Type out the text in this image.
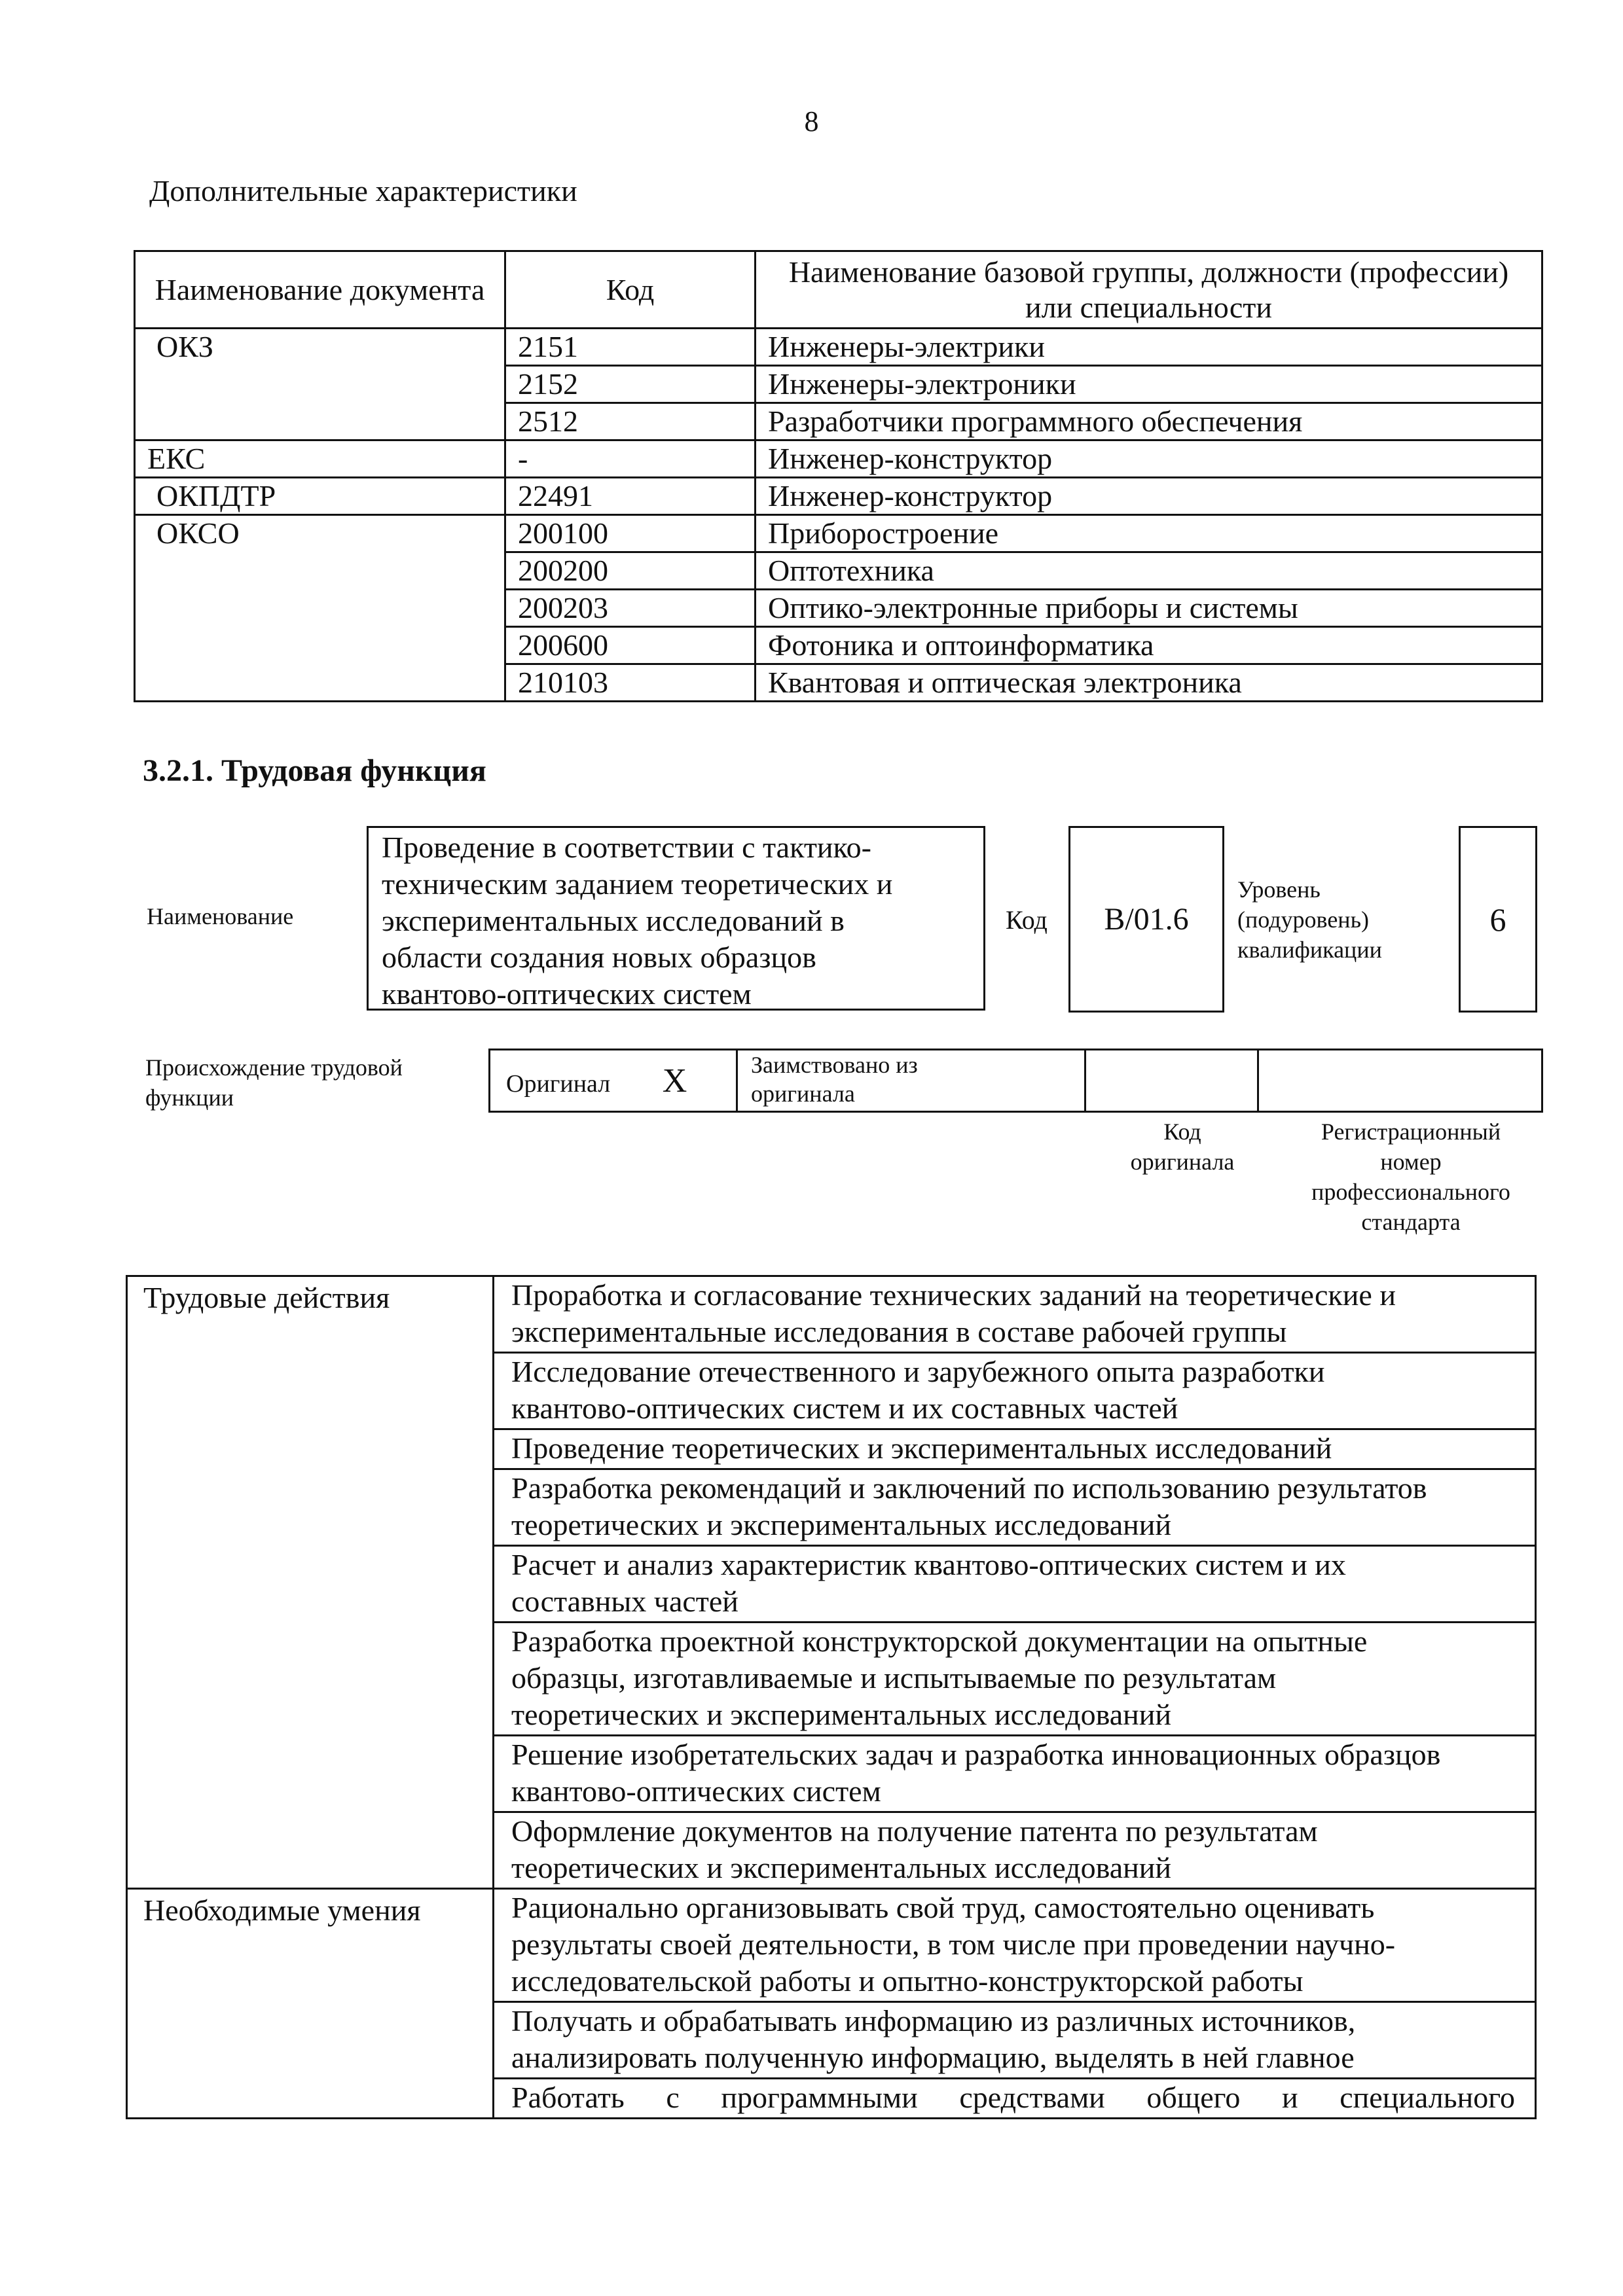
8
Дополнительные характеристики
Наименование документа	Код	Наименование базовой группы, должности (профессии) или специальности
ОКЗ	2151	Инженеры-электрики
	2152	Инженеры-электроники
	2512	Разработчики программного обеспечения
ЕКС	-	Инженер-конструктор
ОКПДТР	22491	Инженер-конструктор
ОКСО	200100	Приборостроение
	200200	Оптотехника
	200203	Оптико-электронные приборы и системы
	200600	Фотоника и оптоинформатика
	210103	Квантовая и оптическая электроника
3.2.1. Трудовая функция
Наименование
Проведение в соответствии с тактико-
техническим заданием теоретических и
экспериментальных исследований в
области создания новых образцов
квантово-оптических систем
Код B/01.6
Уровень
(подуровень)
квалификации
6
Происхождение трудовой
функции
Оригинал X	Заимствовано из
оригинала

Код
оригинала
Регистрационный
номер
профессионального
стандарта
Трудовые действия	Проработка и согласование технических заданий на теоретические и
экспериментальные исследования в составе рабочей группы

	Исследование отечественного и зарубежного опыта разработки
квантово-оптических систем и их составных частей

	Проведение теоретических и экспериментальных исследований

	Разработка рекомендаций и заключений по использованию результатов
теоретических и экспериментальных исследований

	Расчет и анализ характеристик квантово-оптических систем и их
составных частей

	Разработка проектной конструкторской документации на опытные
образцы, изготавливаемые и испытываемые по результатам
теоретических и экспериментальных исследований

	Решение изобретательских задач и разработка инновационных образцов
квантово-оптических систем

	Оформление документов на получение патента по результатам
теоретических и экспериментальных исследований

Необходимые умения	Рационально организовывать свой труд, самостоятельно оценивать
результаты своей деятельности, в том числе при проведении научно-
исследовательской работы и опытно-конструкторской работы

	Получать и обрабатывать информацию из различных источников,
анализировать полученную информацию, выделять в ней главное

	Работать с программными средствами общего и специального
